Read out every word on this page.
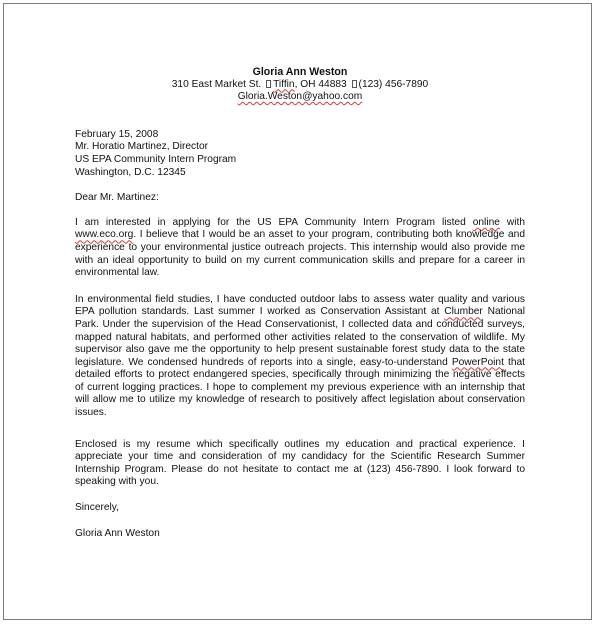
Gloria Ann Weston
310 East Market St. Tiffin, OH 44883 (123) 456-7890
Gloria.Weston@yahoo.com
February 15, 2008
Mr. Horatio Martinez, Director
US EPA Community Intern Program
Washington, D.C. 12345
Dear Mr. Martinez:
I am interested in applying for the US EPA Community Intern Program listed online with www.eco.org. I believe that I would be an asset to your program, contributing both knowledge and experience to your environmental justice outreach projects. This internship would also provide me with an ideal opportunity to build on my current communication skills and prepare for a career in environmental law.
In environmental field studies, I have conducted outdoor labs to assess water quality and various EPA pollution standards. Last summer I worked as Conservation Assistant at Clumber National Park. Under the supervision of the Head Conservationist, I collected data and conducted surveys, mapped natural habitats, and performed other activities related to the conservation of wildlife. My supervisor also gave me the opportunity to help present sustainable forest study data to the state legislature. We condensed hundreds of reports into a single, easy-to-understand PowerPoint that detailed efforts to protect endangered species, specifically through minimizing the negative effects of current logging practices. I hope to complement my previous experience with an internship that will allow me to utilize my knowledge of research to positively affect legislation about conservation issues.
Enclosed is my resume which specifically outlines my education and practical experience. I appreciate your time and consideration of my candidacy for the Scientific Research Summer Internship Program. Please do not hesitate to contact me at (123) 456-7890. I look forward to speaking with you.
Sincerely,
Gloria Ann Weston
